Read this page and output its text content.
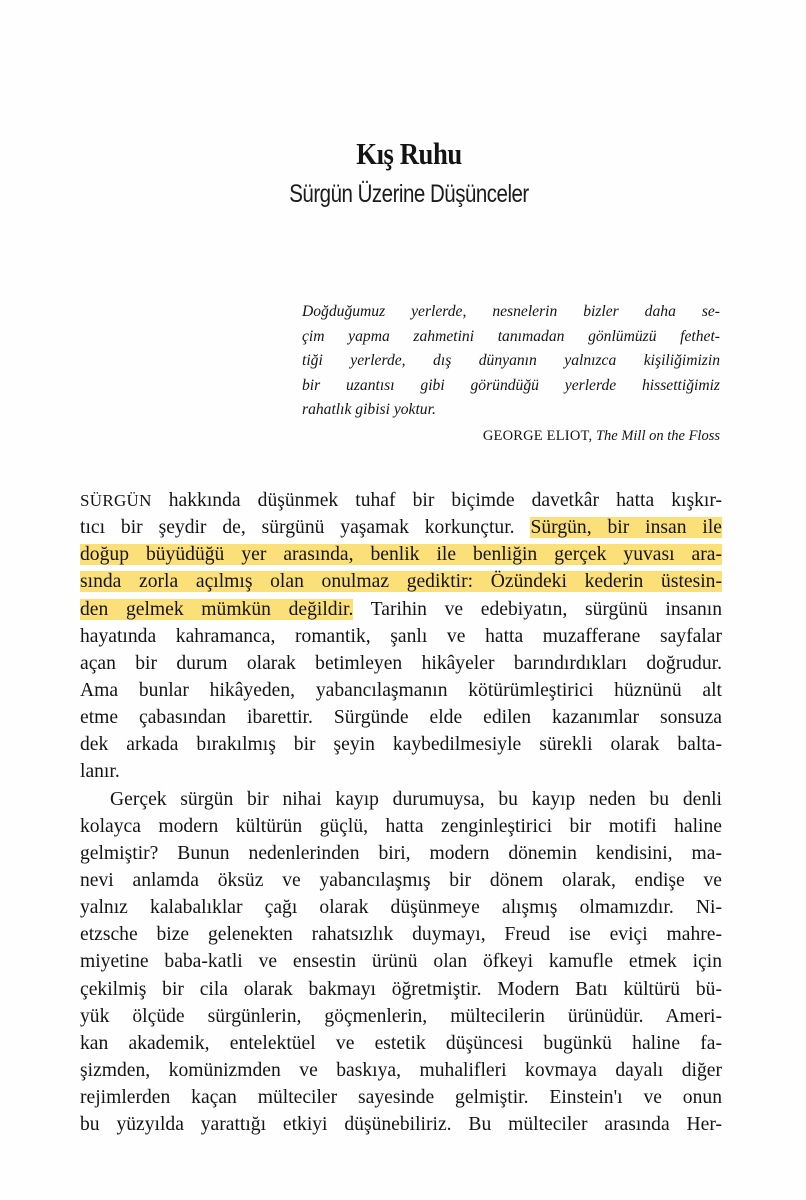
Kış Ruhu
Sürgün Üzerine Düşünceler
Doğduğumuz yerlerde, nesnelerin bizler daha se-
çim yapma zahmetini tanımadan gönlümüzü fethet-
tiği yerlerde, dış dünyanın yalnızca kişiliğimizin
bir uzantısı gibi göründüğü yerlerde hissettiğimiz
rahatlık gibisi yoktur.
GEORGE ELIOT, The Mill on the Floss
SÜRGÜN hakkında düşünmek tuhaf bir biçimde davetkâr hatta kışkır-
tıcı bir şeydir de, sürgünü yaşamak korkunçtur. Sürgün, bir insan ile
doğup büyüdüğü yer arasında, benlik ile benliğin gerçek yuvası ara-
sında zorla açılmış olan onulmaz gediktir: Özündeki kederin üstesin-
den gelmek mümkün değildir. Tarihin ve edebiyatın, sürgünü insanın
hayatında kahramanca, romantik, şanlı ve hatta muzafferane sayfalar
açan bir durum olarak betimleyen hikâyeler barındırdıkları doğrudur.
Ama bunlar hikâyeden, yabancılaşmanın kötürümleştirici hüznünü alt
etme çabasından ibarettir. Sürgünde elde edilen kazanımlar sonsuza
dek arkada bırakılmış bir şeyin kaybedilmesiyle sürekli olarak balta-
lanır.
Gerçek sürgün bir nihai kayıp durumuysa, bu kayıp neden bu denli
kolayca modern kültürün güçlü, hatta zenginleştirici bir motifi haline
gelmiştir? Bunun nedenlerinden biri, modern dönemin kendisini, ma-
nevi anlamda öksüz ve yabancılaşmış bir dönem olarak, endişe ve
yalnız kalabalıklar çağı olarak düşünmeye alışmış olmamızdır. Ni-
etzsche bize gelenekten rahatsızlık duymayı, Freud ise eviçi mahre-
miyetine baba-katli ve ensestin ürünü olan öfkeyi kamufle etmek için
çekilmiş bir cila olarak bakmayı öğretmiştir. Modern Batı kültürü bü-
yük ölçüde sürgünlerin, göçmenlerin, mültecilerin ürünüdür. Ameri-
kan akademik, entelektüel ve estetik düşüncesi bugünkü haline fa-
şizmden, komünizmden ve baskıya, muhalifleri kovmaya dayalı diğer
rejimlerden kaçan mülteciler sayesinde gelmiştir. Einstein'ı ve onun
bu yüzyılda yarattığı etkiyi düşünebiliriz. Bu mülteciler arasında Her-
